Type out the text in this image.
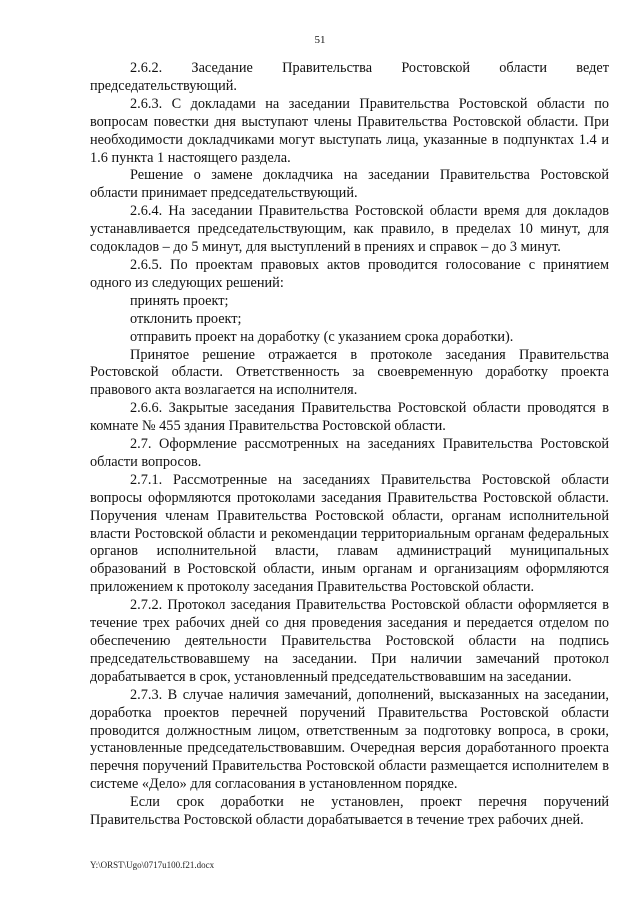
51

2.6.2. Заседание Правительства Ростовской области ведет председательствующий.

2.6.3. С докладами на заседании Правительства Ростовской области по вопросам повестки дня выступают члены Правительства Ростовской области. При необходимости докладчиками могут выступать лица, указанные в подпунктах 1.4 и 1.6 пункта 1 настоящего раздела.

Решение о замене докладчика на заседании Правительства Ростовской области принимает председательствующий.

2.6.4. На заседании Правительства Ростовской области время для докладов устанавливается председательствующим, как правило, в пределах 10 минут, для содокладов – до 5 минут, для выступлений в прениях и справок – до 3 минут.

2.6.5. По проектам правовых актов проводится голосование с принятием одного из следующих решений:

принять проект;

отклонить проект;

отправить проект на доработку (с указанием срока доработки).

Принятое решение отражается в протоколе заседания Правительства Ростовской области. Ответственность за своевременную доработку проекта правового акта возлагается на исполнителя.

2.6.6. Закрытые заседания Правительства Ростовской области проводятся в комнате № 455 здания Правительства Ростовской области.

2.7. Оформление рассмотренных на заседаниях Правительства Ростовской области вопросов.

2.7.1. Рассмотренные на заседаниях Правительства Ростовской области вопросы оформляются протоколами заседания Правительства Ростовской области. Поручения членам Правительства Ростовской области, органам исполнительной власти Ростовской области и рекомендации территориальным органам федеральных органов исполнительной власти, главам администраций муниципальных образований в Ростовской области, иным органам и организациям оформляются приложением к протоколу заседания Правительства Ростовской области.

2.7.2. Протокол заседания Правительства Ростовской области оформляется в течение трех рабочих дней со дня проведения заседания и передается отделом по обеспечению деятельности Правительства Ростовской области на подпись председательствовавшему на заседании. При наличии замечаний протокол дорабатывается в срок, установленный председательствовавшим на заседании.

2.7.3. В случае наличия замечаний, дополнений, высказанных на заседании, доработка проектов перечней поручений Правительства Ростовской области проводится должностным лицом, ответственным за подготовку вопроса, в сроки, установленные председательствовавшим. Очередная версия доработанного проекта перечня поручений Правительства Ростовской области размещается исполнителем в системе «Дело» для согласования в установленном порядке.

Если срок доработки не установлен, проект перечня поручений Правительства Ростовской области дорабатывается в течение трех рабочих дней.

Y:\ORST\Ugo\0717u100.f21.docx
